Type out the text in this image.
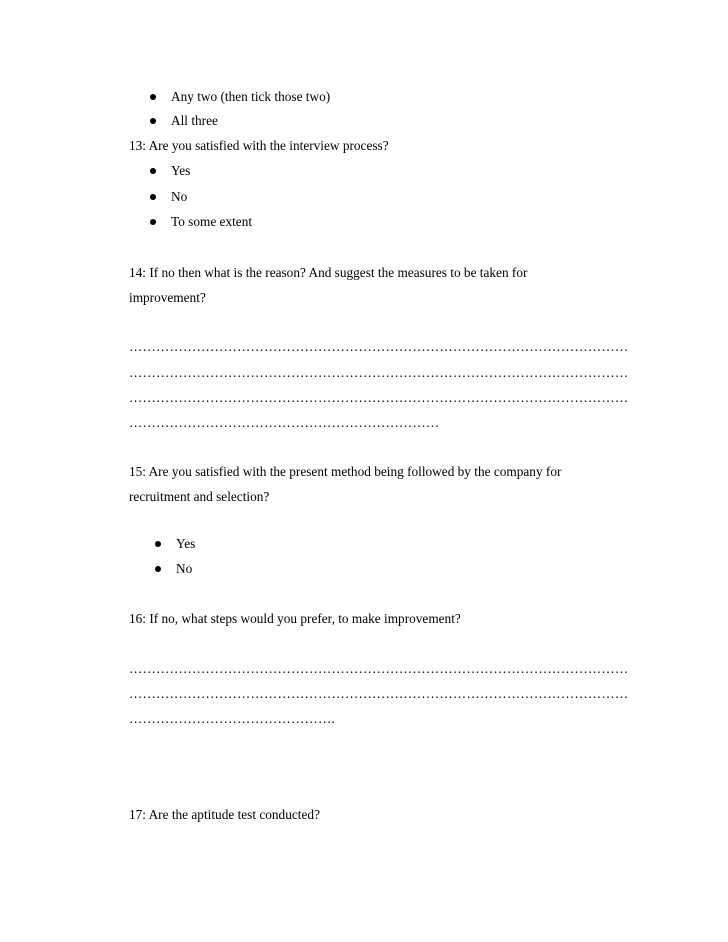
Any two (then tick those two)
All three
13: Are you satisfied with the interview process?
Yes
No
To some extent
14: If no then what is the reason? And suggest the measures to be taken for
improvement?
…………………………………………………………………………………………………
…………………………………………………………………………………………………
…………………………………………………………………………………………………
……………………………………………………………
15: Are you satisfied with the present method being followed by the company for
recruitment and selection?
Yes
No
16: If no, what steps would you prefer, to make improvement?
…………………………………………………………………………………………………
…………………………………………………………………………………………………
……………………………………….
17: Are the aptitude test conducted?
